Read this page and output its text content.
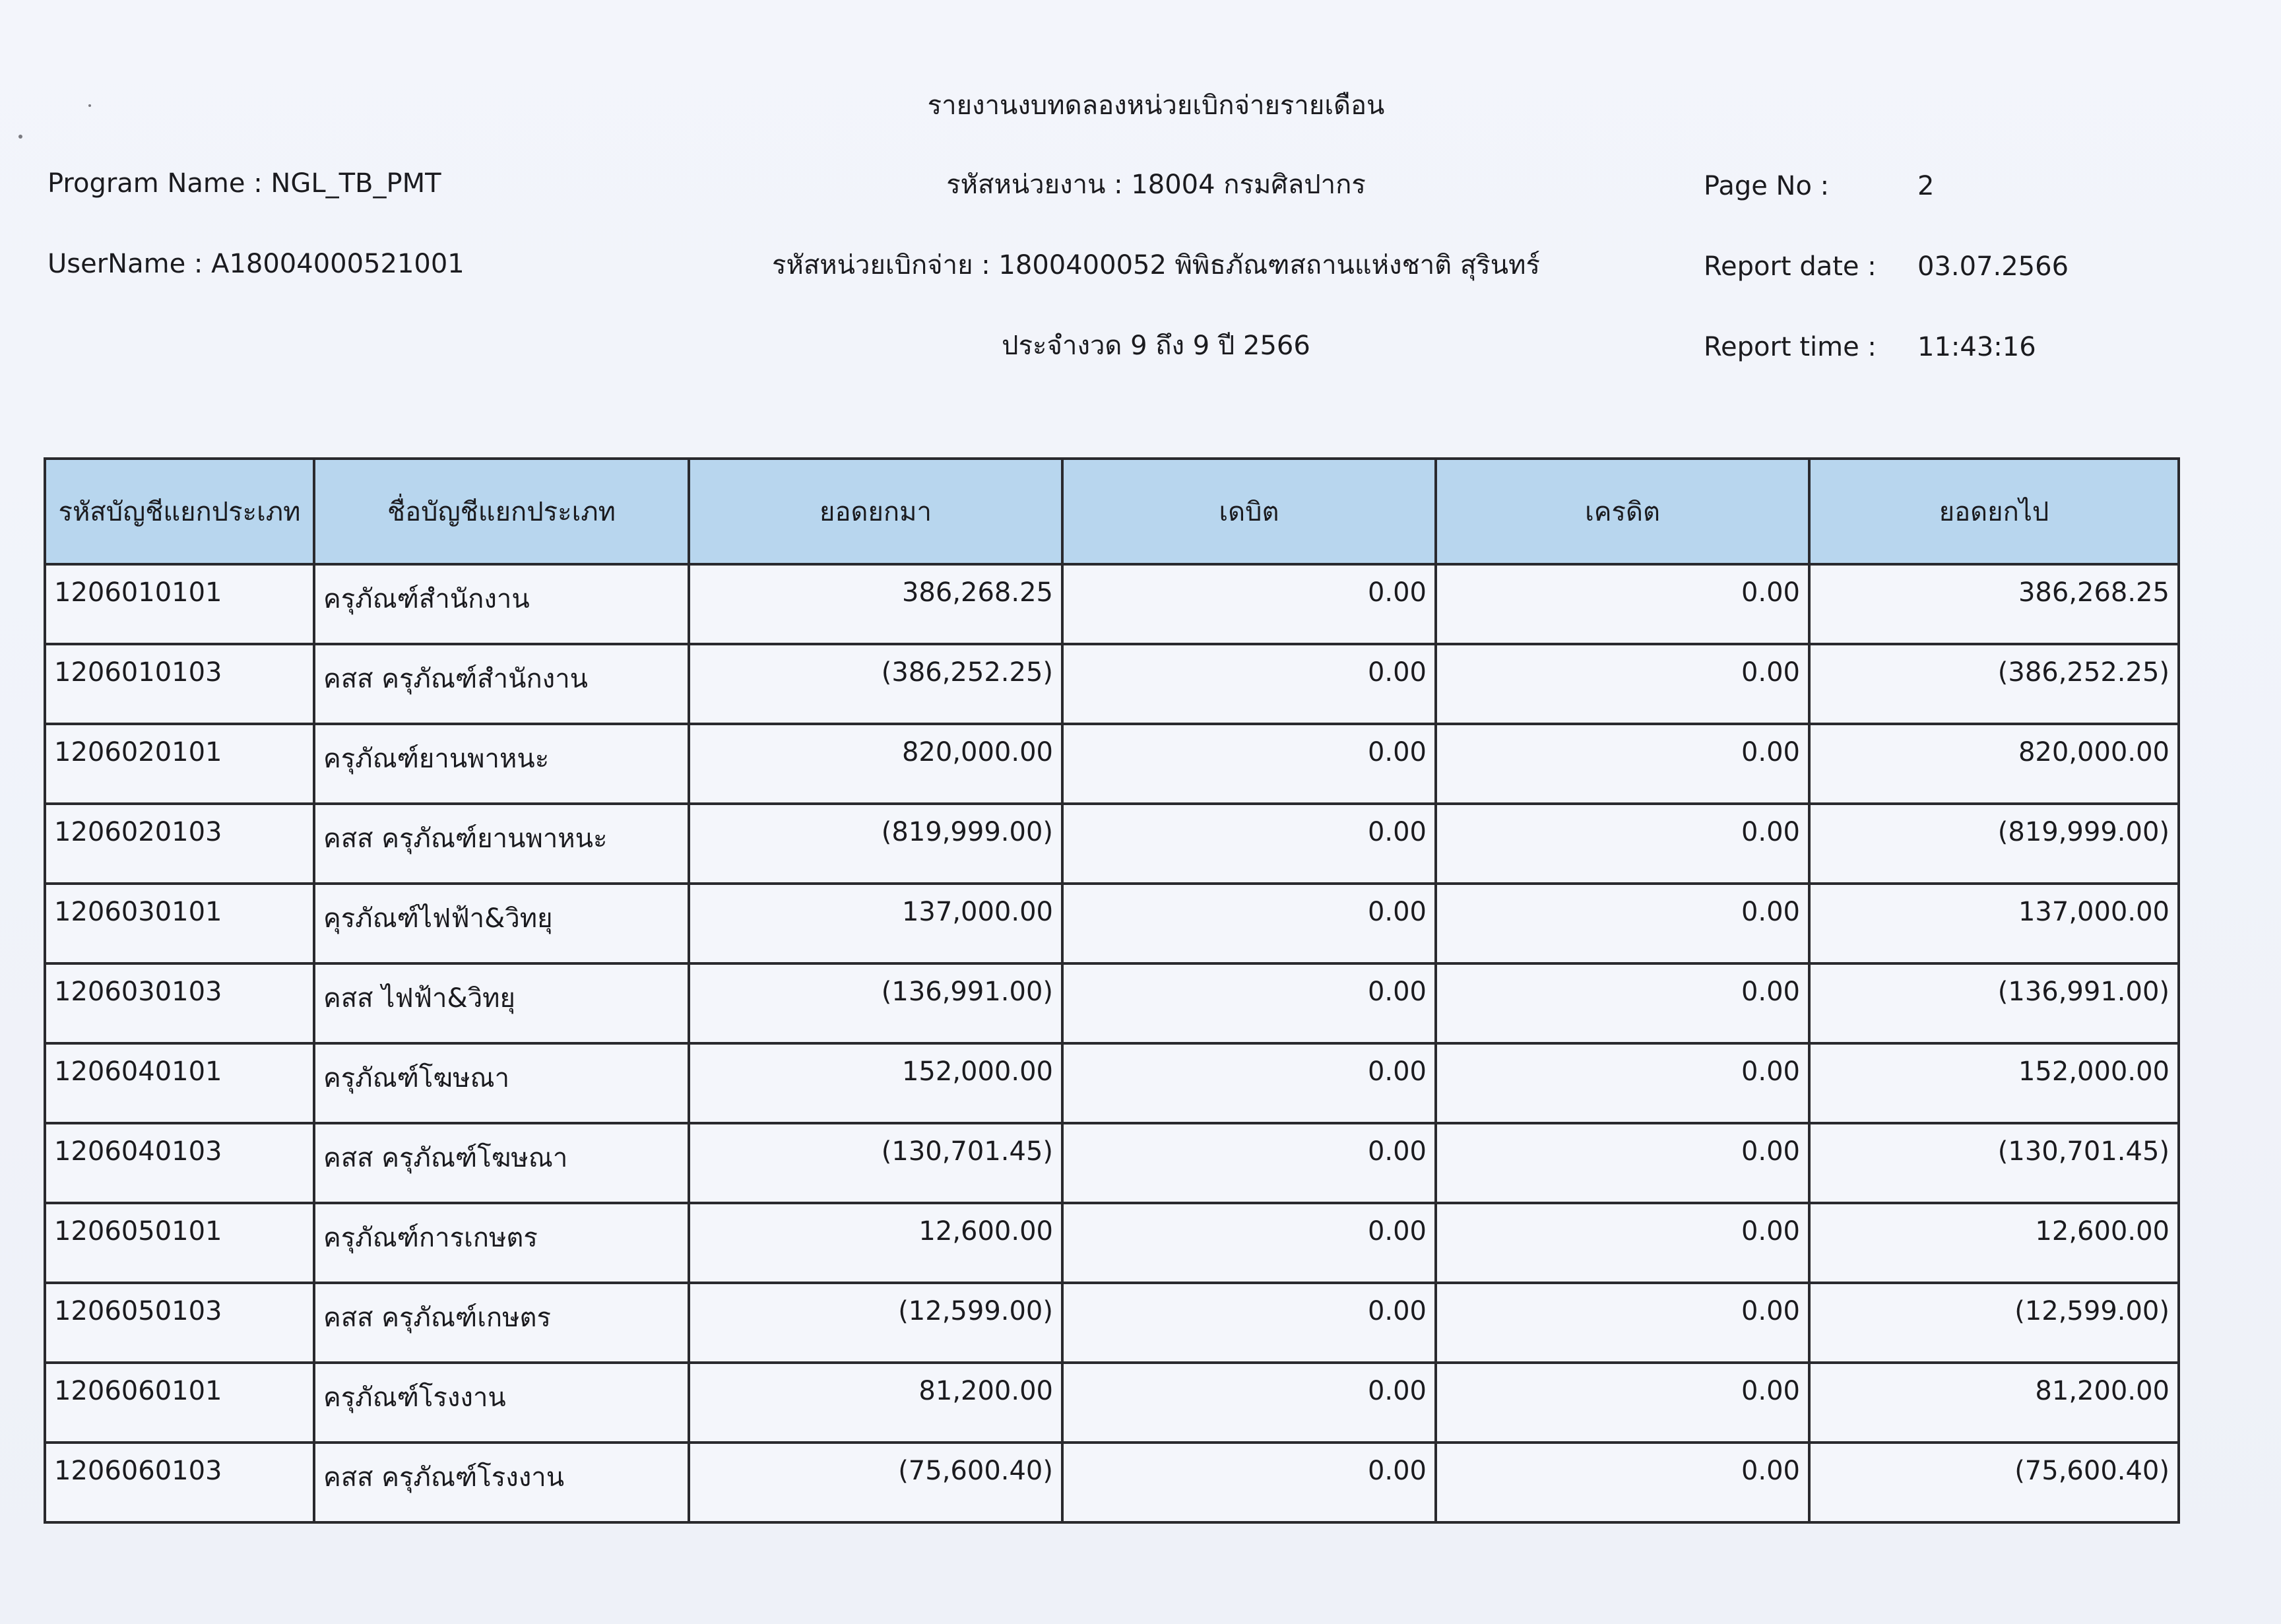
รายงานงบทดลองหน่วยเบิกจ่ายรายเดือน
Program Name : NGL_TB_PMT
UserName : A18004000521001
รหัสหน่วยงาน : 18004 กรมศิลปากร
รหัสหน่วยเบิกจ่าย : 1800400052 พิพิธภัณฑสถานแห่งชาติ สุรินทร์
ประจำงวด 9 ถึง 9 ปี 2566
Page No :	2
Report date : 03.07.2566
Report time : 11:43:16
รหัสบัญชีแยกประเภท	ชื่อบัญชีแยกประเภท	ยอดยกมา	เดบิต	เครดิต	ยอดยกไป
1206010101	ครุภัณฑ์สำนักงาน	386,268.25	0.00	0.00	386,268.25
1206010103	คสส ครุภัณฑ์สำนักงาน	(386,252.25)	0.00	0.00	(386,252.25)
1206020101	ครุภัณฑ์ยานพาหนะ	820,000.00	0.00	0.00	820,000.00
1206020103	คสส ครุภัณฑ์ยานพาหนะ	(819,999.00)	0.00	0.00	(819,999.00)
1206030101	คุรภัณฑ์ไฟฟ้า&วิทยุ	137,000.00	0.00	0.00	137,000.00
1206030103	คสส ไฟฟ้า&วิทยุ	(136,991.00)	0.00	0.00	(136,991.00)
1206040101	ครุภัณฑ์โฆษณา	152,000.00	0.00	0.00	152,000.00
1206040103	คสส ครุภัณฑ์โฆษณา	(130,701.45)	0.00	0.00	(130,701.45)
1206050101	ครุภัณฑ์การเกษตร	12,600.00	0.00	0.00	12,600.00
1206050103	คสส ครุภัณฑ์เกษตร	(12,599.00)	0.00	0.00	(12,599.00)
1206060101	ครุภัณฑ์โรงงาน	81,200.00	0.00	0.00	81,200.00
1206060103	คสส ครุภัณฑ์โรงงาน	(75,600.40)	0.00	0.00	(75,600.40)
